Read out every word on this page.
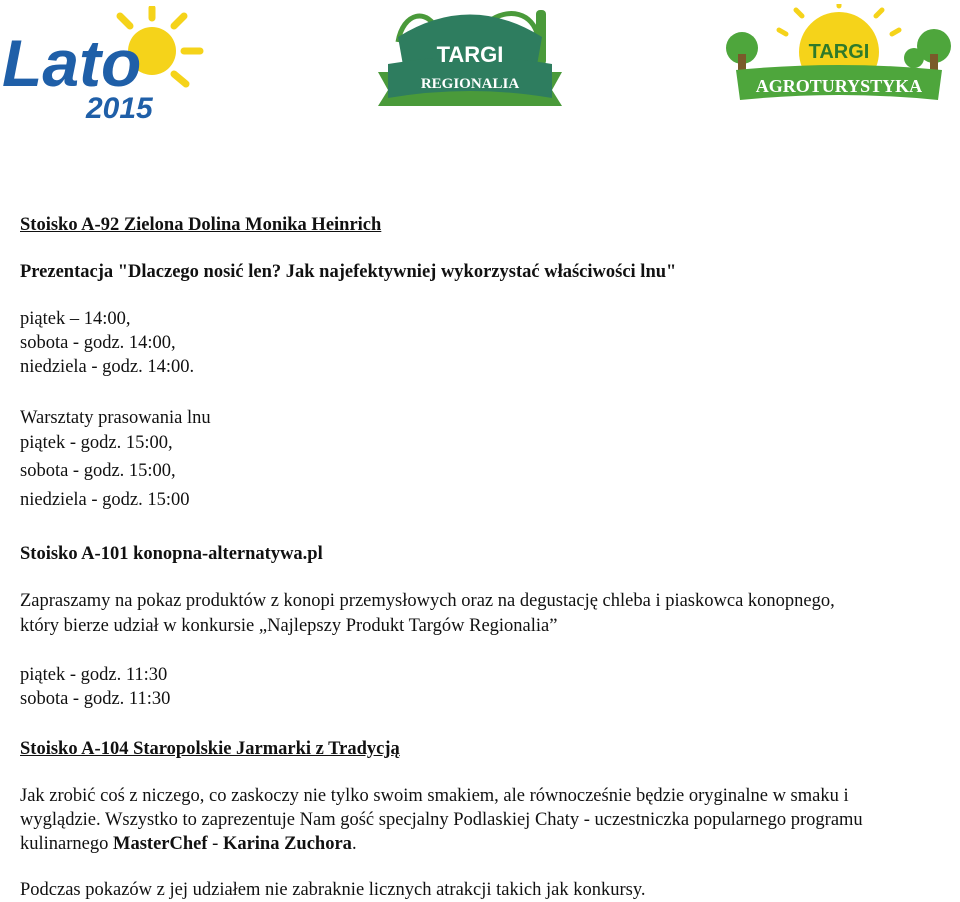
Lato
2015
TARGI
REGIONALIA
TARGI
AGROTURYSTYKA
Stoisko A-92 Zielona Dolina Monika Heinrich
Prezentacja "Dlaczego nosić len? Jak najefektywniej wykorzystać właściwości lnu"
piątek – 14:00,
sobota - godz. 14:00,
niedziela - godz. 14:00.
Warsztaty prasowania lnu
piątek - godz. 15:00,
sobota - godz. 15:00,
niedziela - godz. 15:00
Stoisko A-101 konopna-alternatywa.pl
Zapraszamy na pokaz produktów z konopi przemysłowych oraz na degustację chleba i piaskowca konopnego,
który bierze udział w konkursie „Najlepszy Produkt Targów Regionalia”
piątek - godz. 11:30
sobota - godz. 11:30
Stoisko A-104 Staropolskie Jarmarki z Tradycją
Jak zrobić coś z niczego, co zaskoczy nie tylko swoim smakiem, ale równocześnie będzie oryginalne w smaku i
wyglądzie. Wszystko to zaprezentuje Nam gość specjalny Podlaskiej Chaty - uczestniczka popularnego programu
kulinarnego MasterChef - Karina Zuchora.
Podczas pokazów z jej udziałem nie zabraknie licznych atrakcji takich jak konkursy.
